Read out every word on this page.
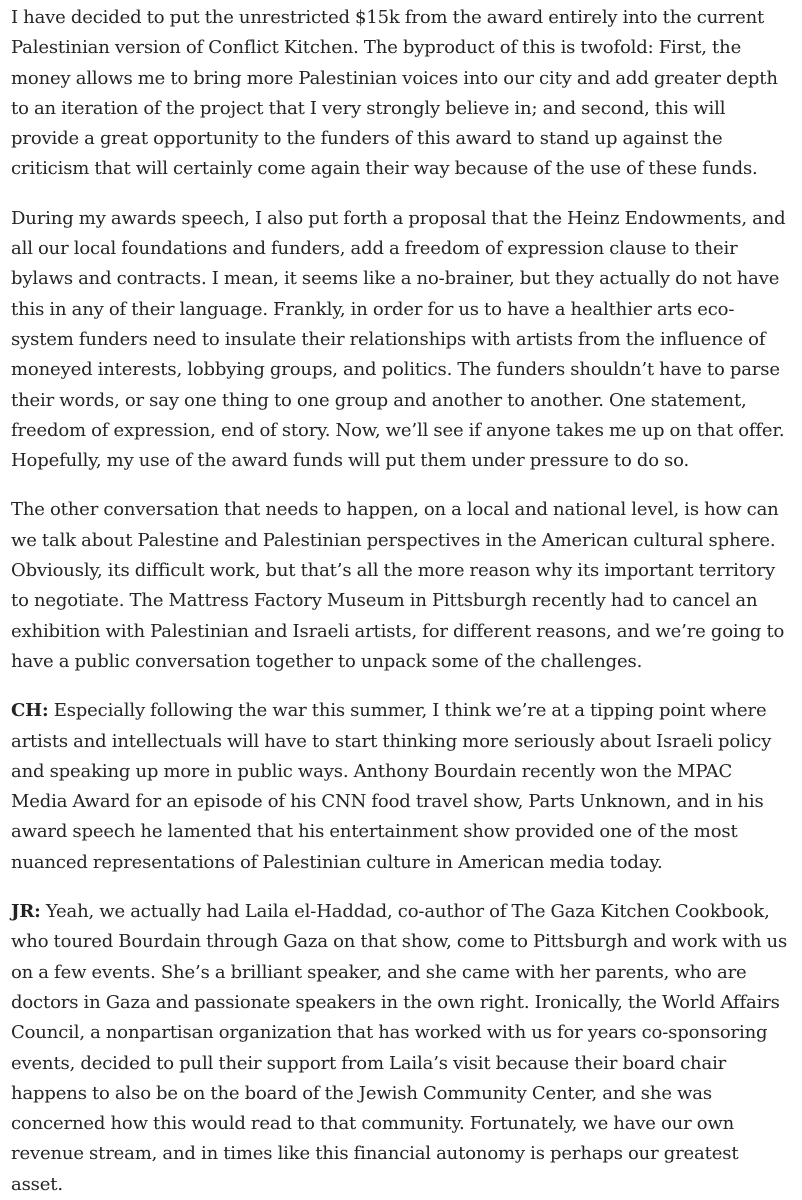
I have decided to put the unrestricted $15k from the award entirely into the current Palestinian version of Conflict Kitchen. The byproduct of this is twofold: First, the money allows me to bring more Palestinian voices into our city and add greater depth to an iteration of the project that I very strongly believe in; and second, this will provide a great opportunity to the funders of this award to stand up against the criticism that will certainly come again their way because of the use of these funds.

During my awards speech, I also put forth a proposal that the Heinz Endowments, and all our local foundations and funders, add a freedom of expression clause to their bylaws and contracts. I mean, it seems like a no-brainer, but they actually do not have this in any of their language. Frankly, in order for us to have a healthier arts eco-system funders need to insulate their relationships with artists from the influence of moneyed interests, lobbying groups, and politics. The funders shouldn’t have to parse their words, or say one thing to one group and another to another. One statement, freedom of expression, end of story. Now, we’ll see if anyone takes me up on that offer. Hopefully, my use of the award funds will put them under pressure to do so.

The other conversation that needs to happen, on a local and national level, is how can we talk about Palestine and Palestinian perspectives in the American cultural sphere. Obviously, its difficult work, but that’s all the more reason why its important territory to negotiate. The Mattress Factory Museum in Pittsburgh recently had to cancel an exhibition with Palestinian and Israeli artists, for different reasons, and we’re going to have a public conversation together to unpack some of the challenges.

CH: Especially following the war this summer, I think we’re at a tipping point where artists and intellectuals will have to start thinking more seriously about Israeli policy and speaking up more in public ways. Anthony Bourdain recently won the MPAC Media Award for an episode of his CNN food travel show, Parts Unknown, and in his award speech he lamented that his entertainment show provided one of the most nuanced representations of Palestinian culture in American media today.

JR: Yeah, we actually had Laila el-Haddad, co-author of The Gaza Kitchen Cookbook, who toured Bourdain through Gaza on that show, come to Pittsburgh and work with us on a few events. She’s a brilliant speaker, and she came with her parents, who are doctors in Gaza and passionate speakers in the own right. Ironically, the World Affairs Council, a nonpartisan organization that has worked with us for years co-sponsoring events, decided to pull their support from Laila’s visit because their board chair happens to also be on the board of the Jewish Community Center, and she was concerned how this would read to that community. Fortunately, we have our own revenue stream, and in times like this financial autonomy is perhaps our greatest asset.
